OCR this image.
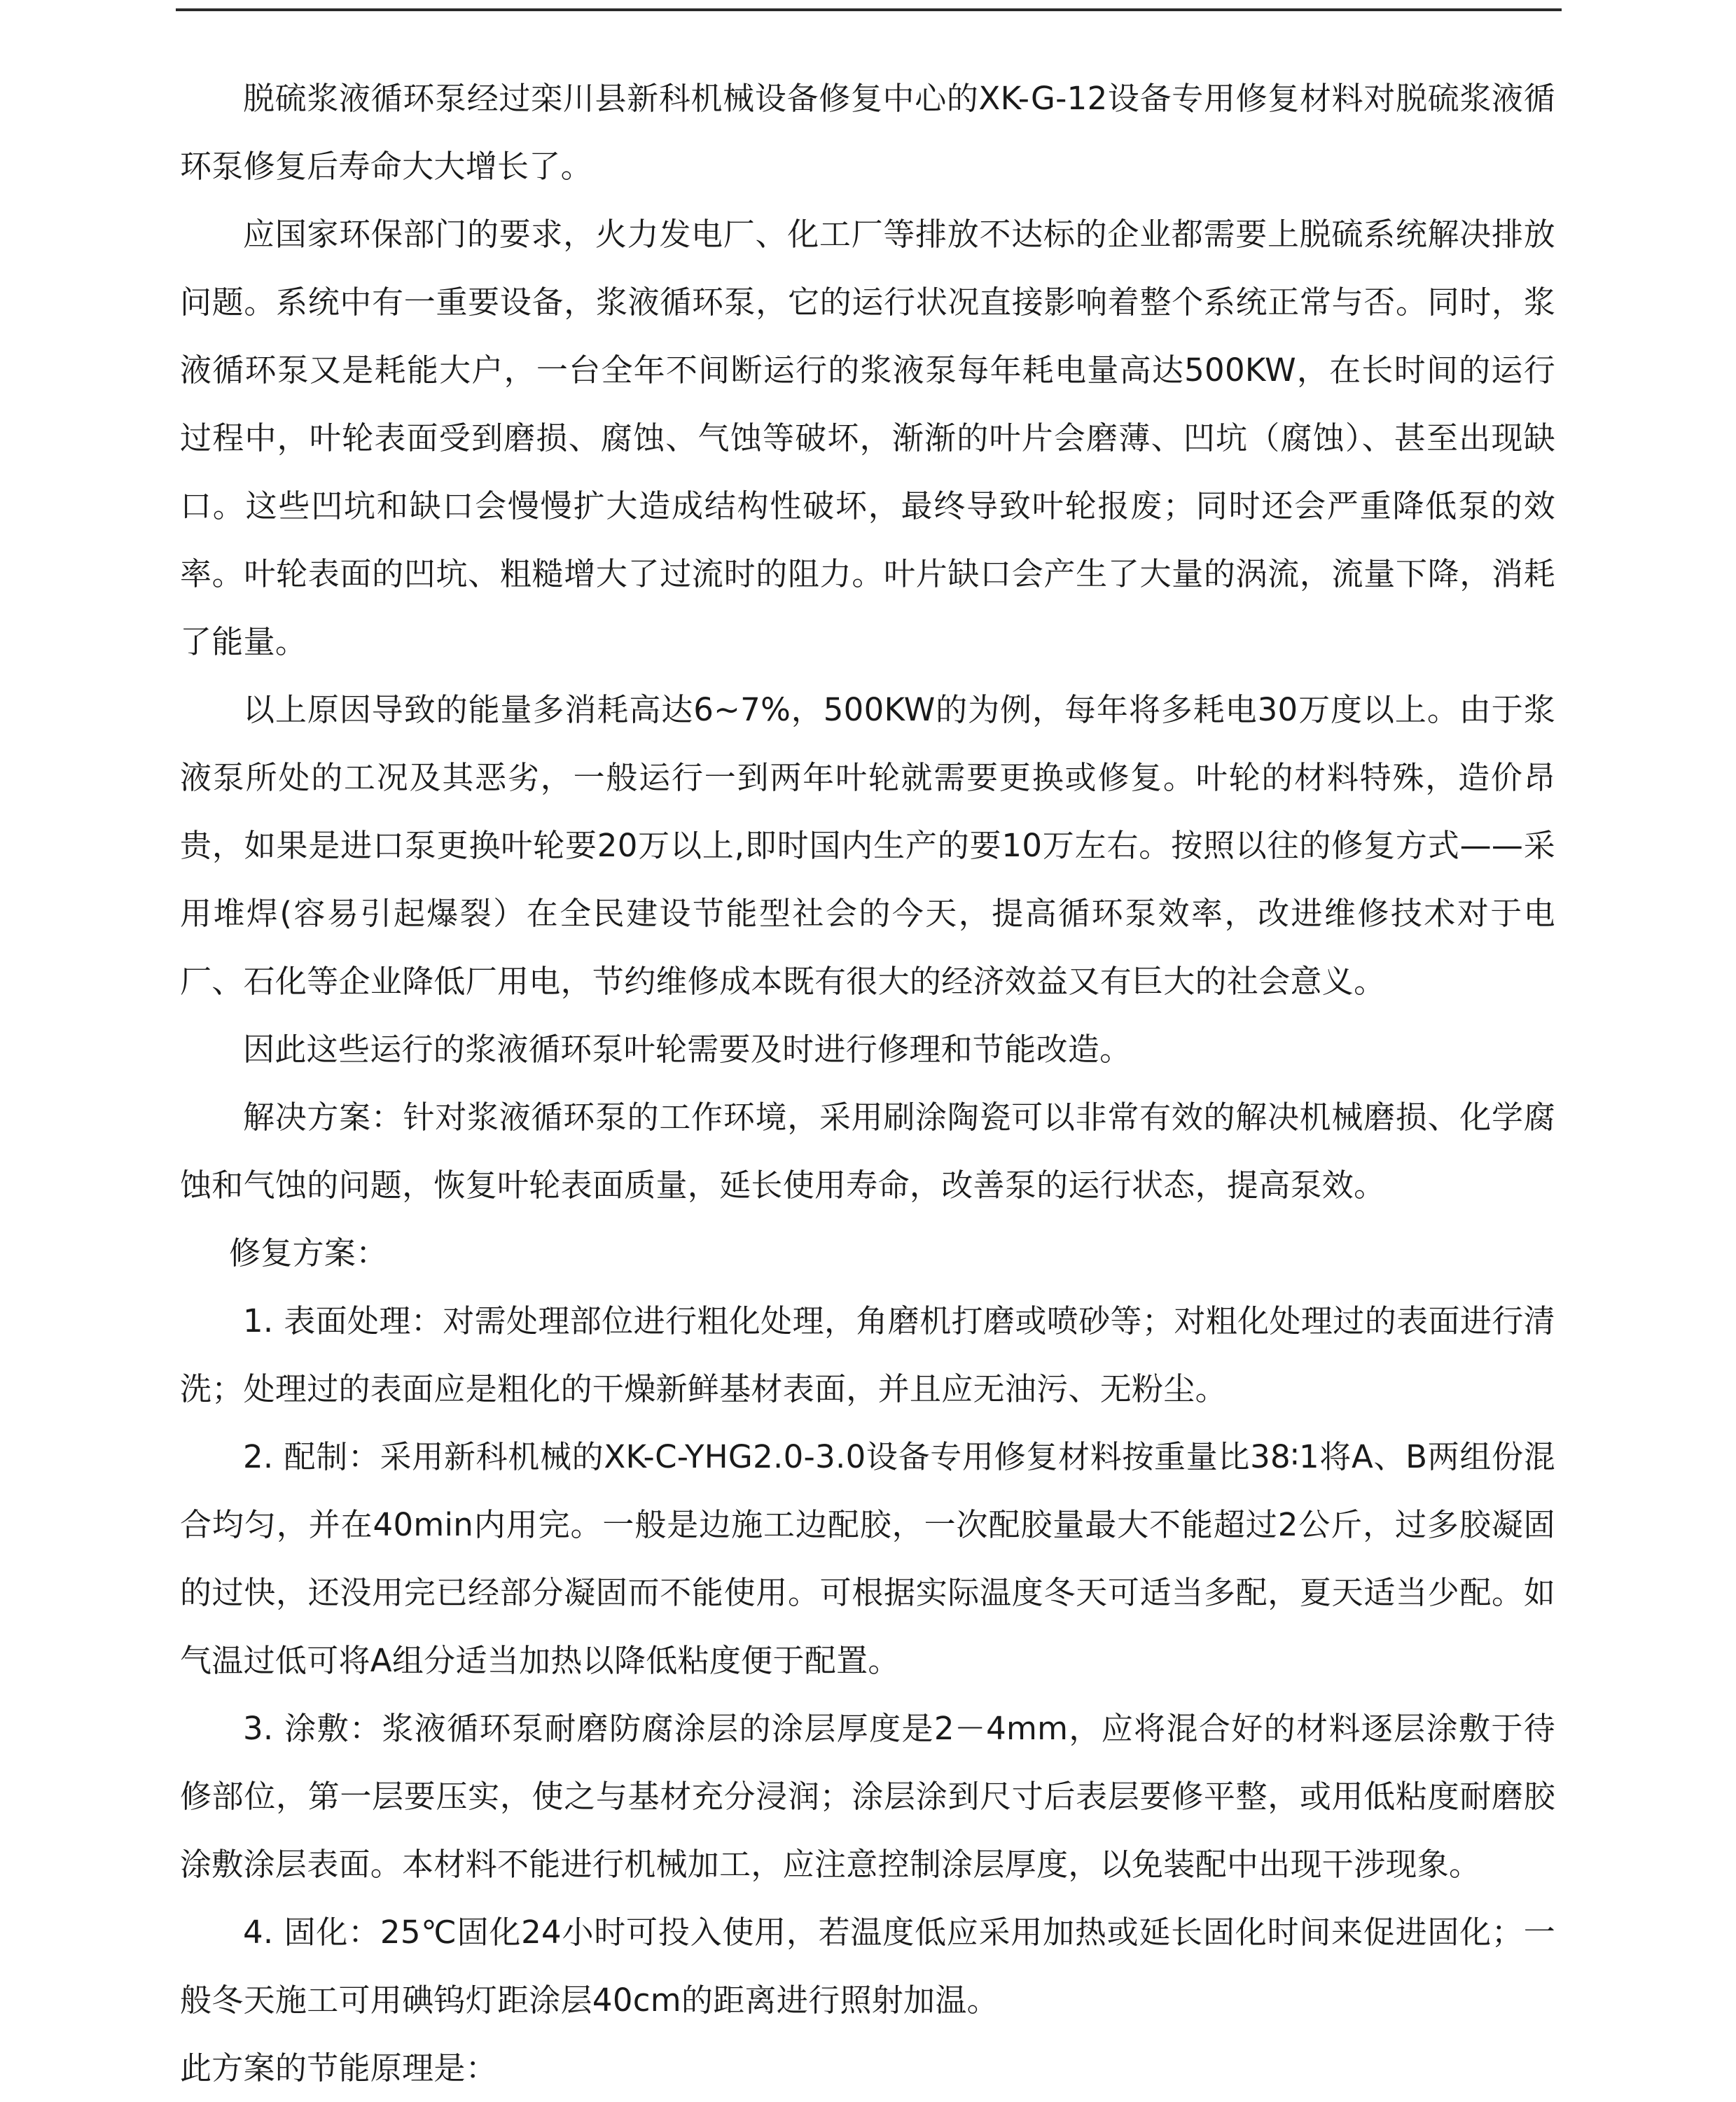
脱硫浆液循环泵经过栾川县新科机械设备修复中心的XK-G-12设备专用修复材料对脱硫浆液循环泵修复后寿命大大增长了。

应国家环保部门的要求，火力发电厂、化工厂等排放不达标的企业都需要上脱硫系统解决排放问题。系统中有一重要设备，浆液循环泵，它的运行状况直接影响着整个系统正常与否。同时，浆液循环泵又是耗能大户，一台全年不间断运行的浆液泵每年耗电量高达500KW，在长时间的运行过程中，叶轮表面受到磨损、腐蚀、气蚀等破坏，渐渐的叶片会磨薄、凹坑（腐蚀）、甚至出现缺口。这些凹坑和缺口会慢慢扩大造成结构性破坏，最终导致叶轮报废；同时还会严重降低泵的效率。叶轮表面的凹坑、粗糙增大了过流时的阻力。叶片缺口会产生了大量的涡流，流量下降，消耗了能量。

以上原因导致的能量多消耗高达6~7%，500KW的为例，每年将多耗电30万度以上。由于浆液泵所处的工况及其恶劣，一般运行一到两年叶轮就需要更换或修复。叶轮的材料特殊，造价昂贵，如果是进口泵更换叶轮要20万以上,即时国内生产的要10万左右。按照以往的修复方式——采用堆焊(容易引起爆裂）在全民建设节能型社会的今天，提高循环泵效率，改进维修技术对于电厂、石化等企业降低厂用电，节约维修成本既有很大的经济效益又有巨大的社会意义。

因此这些运行的浆液循环泵叶轮需要及时进行修理和节能改造。

解决方案：针对浆液循环泵的工作环境，采用刷涂陶瓷可以非常有效的解决机械磨损、化学腐蚀和气蚀的问题，恢复叶轮表面质量，延长使用寿命，改善泵的运行状态，提高泵效。

修复方案：

1. 表面处理：对需处理部位进行粗化处理，角磨机打磨或喷砂等；对粗化处理过的表面进行清洗；处理过的表面应是粗化的干燥新鲜基材表面，并且应无油污、无粉尘。

2. 配制：采用新科机械的XK-C-YHG2.0-3.0设备专用修复材料按重量比38∶1将A、B两组份混合均匀，并在40min内用完。一般是边施工边配胶，一次配胶量最大不能超过2公斤，过多胶凝固的过快，还没用完已经部分凝固而不能使用。可根据实际温度冬天可适当多配，夏天适当少配。如气温过低可将A组分适当加热以降低粘度便于配置。

3. 涂敷：浆液循环泵耐磨防腐涂层的涂层厚度是2－4mm，应将混合好的材料逐层涂敷于待修部位，第一层要压实，使之与基材充分浸润；涂层涂到尺寸后表层要修平整，或用低粘度耐磨胶涂敷涂层表面。本材料不能进行机械加工，应注意控制涂层厚度，以免装配中出现干涉现象。

4. 固化：25℃固化24小时可投入使用，若温度低应采用加热或延长固化时间来促进固化；一般冬天施工可用碘钨灯距涂层40cm的距离进行照射加温。

此方案的节能原理是：
